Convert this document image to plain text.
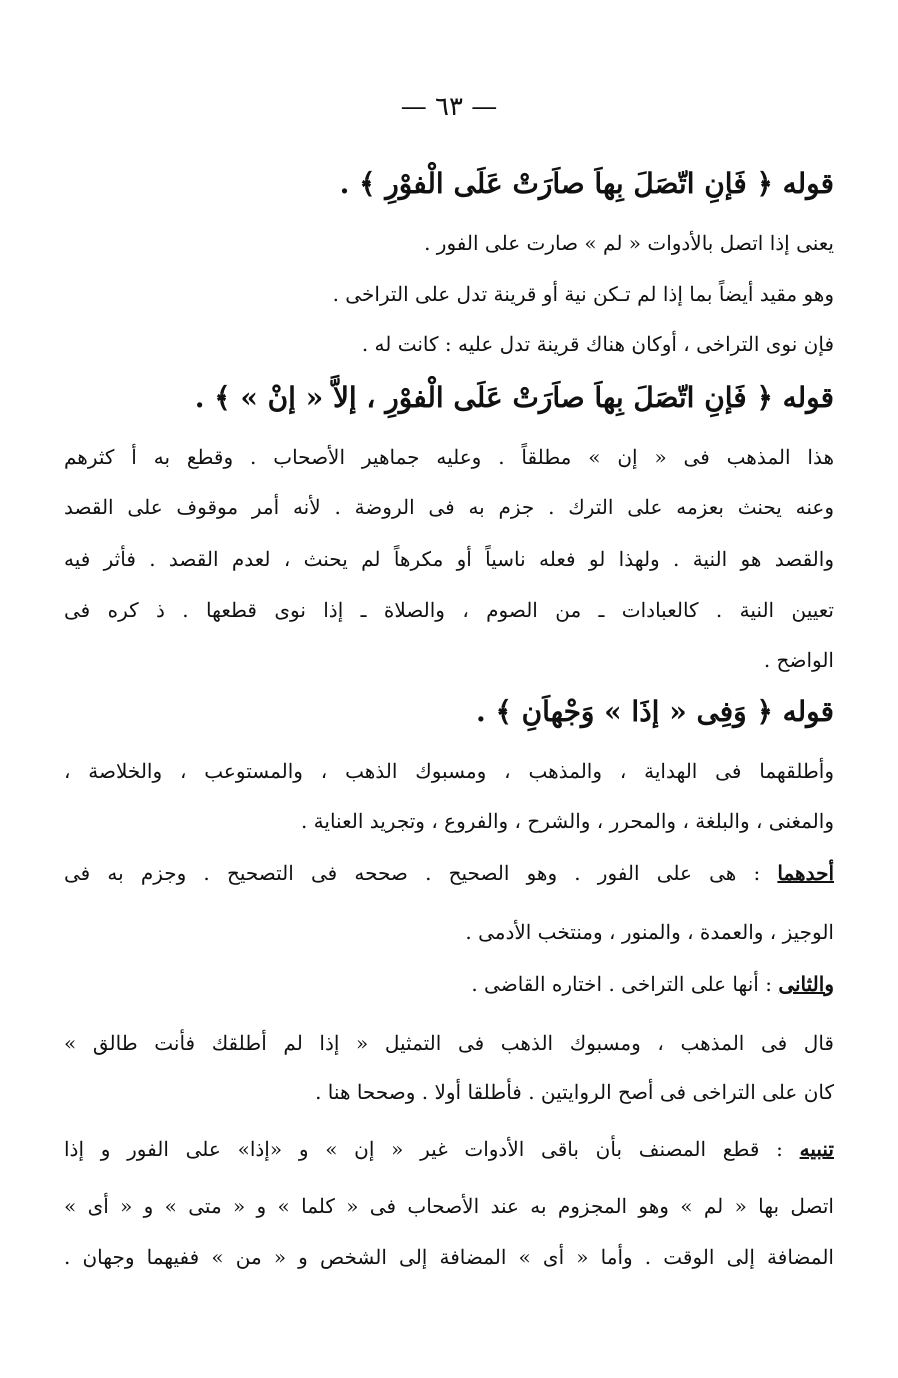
— ٦٣ —
قوله ﴿ فَإنِ اتّصَلَ بِهاَ صاَرَتْ عَلَى الْفوْرِ ﴾ .
يعنى إذا اتصل بالأدوات « لم » صارت على الفور .
وهو مقيد أيضاً بما إذا لم تـكن نية أو قرينة تدل على التراخى .
فإن نوى التراخى ، أوكان هناك قرينة تدل عليه : كانت له .
قوله ﴿ فَإنِ اتّصَلَ بِهاَ صاَرَتْ عَلَى الْفوْرِ ، إلاَّ « إنْ » ﴾ .
هذا المذهب فى « إن » مطلقاً . وعليه جماهير الأصحاب . وقطع به أ كثرهم
وعنه يحنث بعزمه على الترك . جزم به فى الروضة . لأنه أمر موقوف على القصد
والقصد هو النية . ولهذا لو فعله ناسياً أو مكرهاً لم يحنث ، لعدم القصد . فأثر فيه
تعيين النية . كالعبادات ـ من الصوم ، والصلاة ـ إذا نوى قطعها . ذ كره فى
الواضح .
قوله ﴿ وَفِى « إذَا » وَجْهاَنِ ﴾ .
وأطلقهما فى الهداية ، والمذهب ، ومسبوك الذهب ، والمستوعب ، والخلاصة ،
والمغنى ، والبلغة ، والمحرر ، والشرح ، والفروع ، وتجريد العناية .
أحدهما : هى على الفور . وهو الصحيح . صححه فى التصحيح . وجزم به فى
الوجيز ، والعمدة ، والمنور ، ومنتخب الأدمى .
والثانى : أنها على التراخى . اختاره القاضى .
قال فى المذهب ، ومسبوك الذهب فى التمثيل « إذا لم أطلقك فأنت طالق »
كان على التراخى فى أصح الروايتين . فأطلقا أولا . وصححا هنا .
تنبيه : قطع المصنف بأن باقى الأدوات غير « إن » و «إذا» على الفور و إذا
اتصل بها « لم » وهو المجزوم به عند الأصحاب فى « كلما » و « متى » و « أى »
المضافة إلى الوقت . وأما « أى » المضافة إلى الشخص و « من » ففيهما وجهان .
